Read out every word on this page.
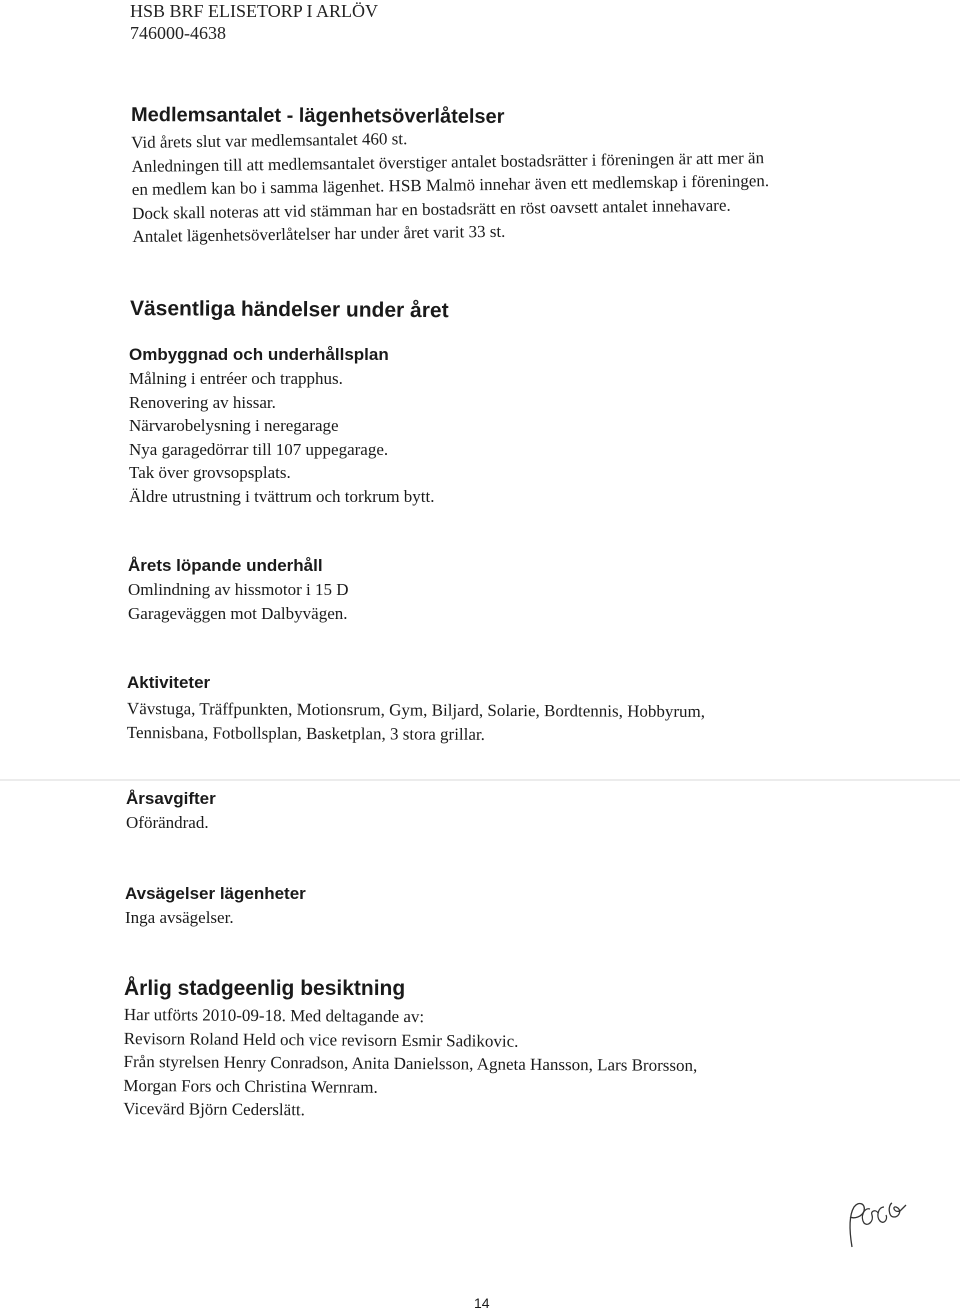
HSB BRF ELISETORP I ARLÖV
746000-4638
Medlemsantalet - lägenhetsöverlåtelser
Vid årets slut var medlemsantalet 460 st.
Anledningen till att medlemsantalet överstiger antalet bostadsrätter i föreningen är att mer än
en medlem kan bo i samma lägenhet. HSB Malmö innehar även ett medlemskap i föreningen.
Dock skall noteras att vid stämman har en bostadsrätt en röst oavsett antalet innehavare.
Antalet lägenhetsöverlåtelser har under året varit 33 st.
Väsentliga händelser under året
Ombyggnad och underhållsplan
Målning i entréer och trapphus.
Renovering av hissar.
Närvarobelysning i neregarage
Nya garagedörrar till 107 uppegarage.
Tak över grovsopsplats.
Äldre utrustning i tvättrum och torkrum bytt.
Årets löpande underhåll
Omlindning av hissmotor i 15 D
Garageväggen mot Dalbyvägen.
Aktiviteter
Vävstuga, Träffpunkten, Motionsrum, Gym, Biljard, Solarie, Bordtennis, Hobbyrum,
Tennisbana, Fotbollsplan, Basketplan, 3 stora grillar.
Årsavgifter
Oförändrad.
Avsägelser lägenheter
Inga avsägelser.
Årlig stadgeenlig besiktning
Har utförts 2010-09-18. Med deltagande av:
Revisorn Roland Held och vice revisorn Esmir Sadikovic.
Från styrelsen Henry Conradson, Anita Danielsson, Agneta Hansson, Lars Brorsson,
Morgan Fors och Christina Wernram.
Vicevärd Björn Cederslätt.
14
